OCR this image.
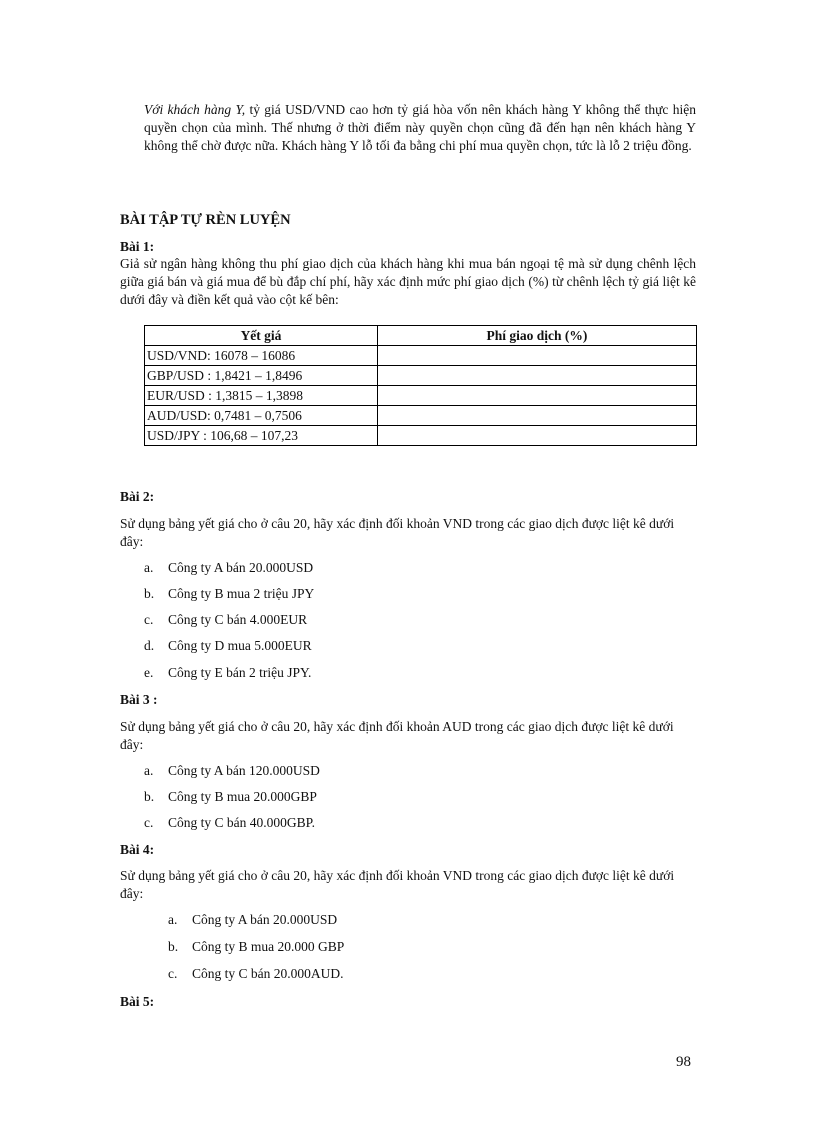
Với khách hàng Y, tỷ giá USD/VND cao hơn tỷ giá hòa vốn nên khách hàng Y không thể thực hiện quyền chọn của mình. Thế nhưng ở thời điểm này quyền chọn cũng đã đến hạn nên khách hàng Y không thể chờ được nữa. Khách hàng Y lỗ tối đa bằng chi phí mua quyền chọn, tức là lỗ 2 triệu đồng.
BÀI TẬP TỰ RÈN LUYỆN
Bài 1:
Giả sử ngân hàng không thu phí giao dịch của khách hàng khi mua bán ngoại tệ mà sử dụng chênh lệch giữa giá bán và giá mua để bù đắp chí phí, hãy xác định mức phí giao dịch (%) từ chênh lệch tỷ giá liệt kê dưới đây và điền kết quả vào cột kế bên:
Yết giá	Phí giao dịch (%)
USD/VND: 16078 – 16086	
GBP/USD : 1,8421 – 1,8496	
EUR/USD : 1,3815 – 1,3898	
AUD/USD: 0,7481 – 0,7506	
USD/JPY : 106,68 – 107,23	
Bài 2:
Sử dụng bảng yết giá cho ở câu 20, hãy xác định đối khoản VND trong các giao dịch được liệt kê dưới đây:
a. Công ty A bán 20.000USD
b. Công ty B mua 2 triệu JPY
c. Công ty C bán 4.000EUR
d. Công ty D mua 5.000EUR
e. Công ty E bán 2 triệu JPY.
Bài 3 :
Sử dụng bảng yết giá cho ở câu 20, hãy xác định đối khoản AUD trong các giao dịch được liệt kê dưới đây:
a. Công ty A bán 120.000USD
b. Công ty B mua 20.000GBP
c. Công ty C bán 40.000GBP.
Bài 4:
Sử dụng bảng yết giá cho ở câu 20, hãy xác định đối khoản VND trong các giao dịch được liệt kê dưới đây:
a. Công ty A bán 20.000USD
b. Công ty B mua 20.000 GBP
c. Công ty C bán 20.000AUD.
Bài 5:
98
